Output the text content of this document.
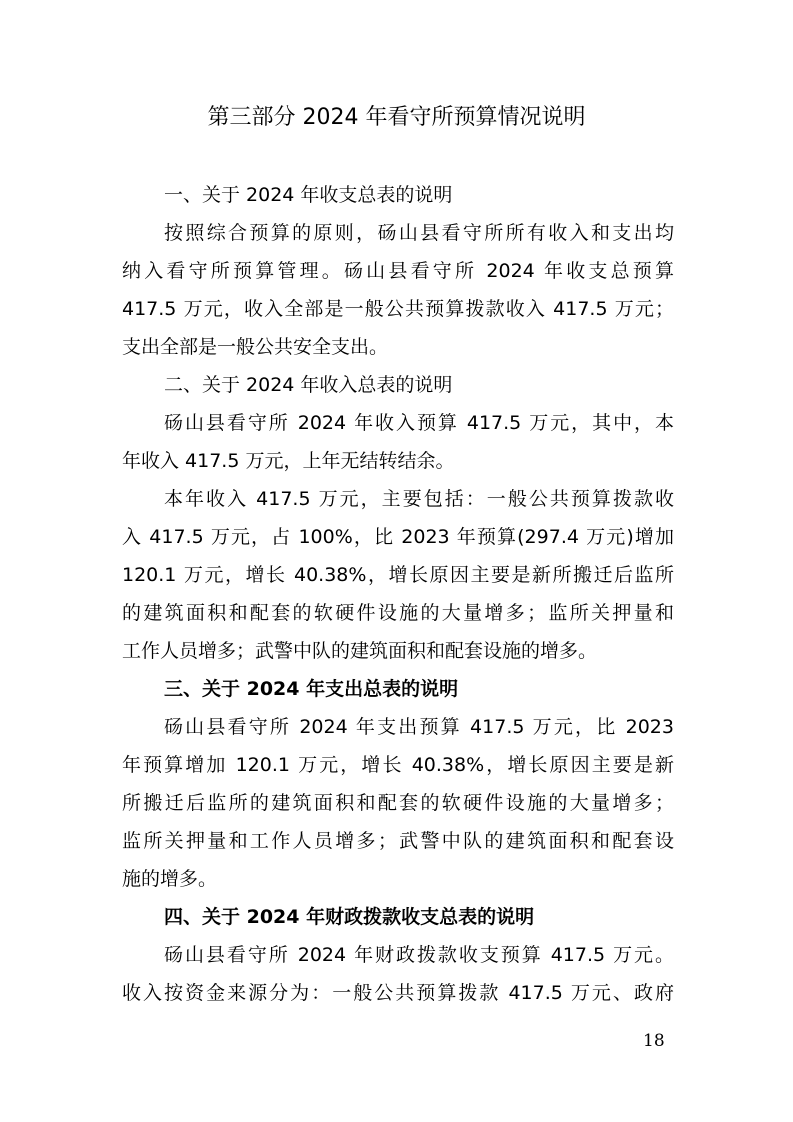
第三部分 2024 年看守所预算情况说明
一、关于 2024 年收支总表的说明
按照综合预算的原则，砀山县看守所所有收入和支出均
纳入看守所预算管理。砀山县看守所 2024 年收支总预算
417.5 万元，收入全部是一般公共预算拨款收入 417.5 万元；
支出全部是一般公共安全支出。
二、关于 2024 年收入总表的说明
砀山县看守所 2024 年收入预算 417.5 万元，其中，本
年收入 417.5 万元，上年无结转结余。
本年收入 417.5 万元，主要包括：一般公共预算拨款收
入 417.5 万元，占 100%，比 2023 年预算(297.4 万元)增加
120.1 万元，增长 40.38%，增长原因主要是新所搬迁后监所
的建筑面积和配套的软硬件设施的大量增多；监所关押量和
工作人员增多；武警中队的建筑面积和配套设施的增多。
三、关于 2024 年支出总表的说明
砀山县看守所 2024 年支出预算 417.5 万元，比 2023
年预算增加 120.1 万元，增长 40.38%，增长原因主要是新
所搬迁后监所的建筑面积和配套的软硬件设施的大量增多；
监所关押量和工作人员增多；武警中队的建筑面积和配套设
施的增多。
四、关于 2024 年财政拨款收支总表的说明
砀山县看守所 2024 年财政拨款收支预算 417.5 万元。
收入按资金来源分为：一般公共预算拨款 417.5 万元、政府
18
